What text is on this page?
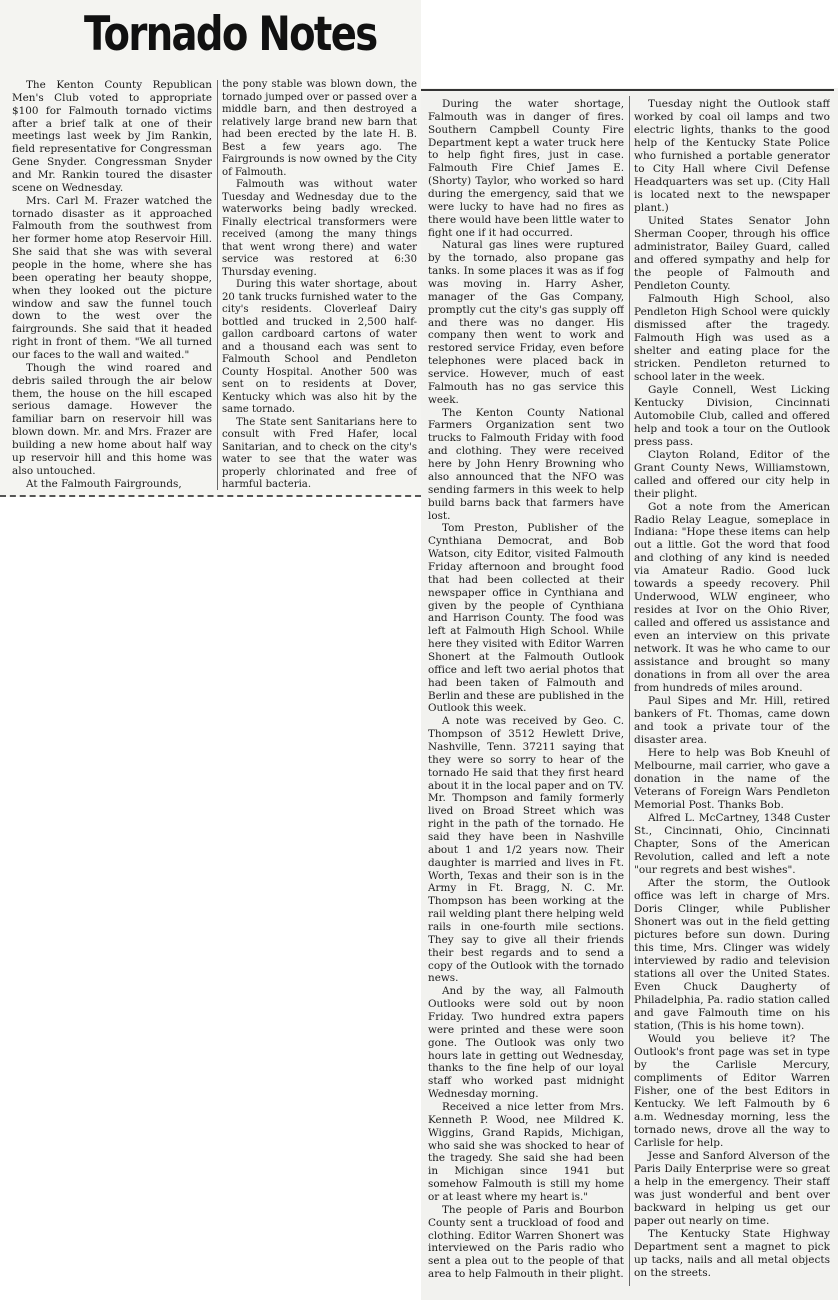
Tornado Notes

The Kenton County Republican Men's Club voted to appropriate $100 for Falmouth tornado victims after a brief talk at one of their meetings last week by Jim Rankin, field representative for Congressman Gene Snyder. Congressman Snyder and Mr. Rankin toured the disaster scene on Wednesday.

Mrs. Carl M. Frazer watched the tornado disaster as it approached Falmouth from the southwest from her former home atop Reservoir Hill. She said that she was with several people in the home, where she has been operating her beauty shoppe, when they looked out the picture window and saw the funnel touch down to the west over the fairgrounds. She said that it headed right in front of them. "We all turned our faces to the wall and waited."

Though the wind roared and debris sailed through the air below them, the house on the hill escaped serious damage. However the familiar barn on reservoir hill was blown down. Mr. and Mrs. Frazer are building a new home about half way up reservoir hill and this home was also untouched.

At the Falmouth Fairgrounds,

the pony stable was blown down, the tornado jumped over or passed over a middle barn, and then destroyed a relatively large brand new barn that had been erected by the late H. B. Best a few years ago. The Fairgrounds is now owned by the City of Falmouth.

Falmouth was without water Tuesday and Wednesday due to the waterworks being badly wrecked. Finally electrical transformers were received (among the many things that went wrong there) and water service was restored at 6:30 Thursday evening.

During this water shortage, about 20 tank trucks furnished water to the city's residents. Cloverleaf Dairy bottled and trucked in 2,500 half-gallon cardboard cartons of water and a thousand each was sent to Falmouth School and Pendleton County Hospital. Another 500 was sent on to residents at Dover, Kentucky which was also hit by the same tornado.

The State sent Sanitarians here to consult with Fred Hafer, local Sanitarian, and to check on the city's water to see that the water was properly chlorinated and free of harmful bacteria.

During the water shortage, Falmouth was in danger of fires. Southern Campbell County Fire Department kept a water truck here to help fight fires, just in case. Falmouth Fire Chief James E. (Shorty) Taylor, who worked so hard during the emergency, said that we were lucky to have had no fires as there would have been little water to fight one if it had occurred.

Natural gas lines were ruptured by the tornado, also propane gas tanks. In some places it was as if fog was moving in. Harry Asher, manager of the Gas Company, promptly cut the city's gas supply off and there was no danger. His company then went to work and restored service Friday, even before telephones were placed back in service. However, much of east Falmouth has no gas service this week.

The Kenton County National Farmers Organization sent two trucks to Falmouth Friday with food and clothing. They were received here by John Henry Browning who also announced that the NFO was sending farmers in this week to help build barns back that farmers have lost.

Tom Preston, Publisher of the Cynthiana Democrat, and Bob Watson, city Editor, visited Falmouth Friday afternoon and brought food that had been collected at their newspaper office in Cynthiana and given by the people of Cynthiana and Harrison County. The food was left at Falmouth High School. While here they visited with Editor Warren Shonert at the Falmouth Outlook office and left two aerial photos that had been taken of Falmouth and Berlin and these are published in the Outlook this week.

A note was received by Geo. C. Thompson of 3512 Hewlett Drive, Nashville, Tenn. 37211 saying that they were so sorry to hear of the tornado He said that they first heard about it in the local paper and on TV. Mr. Thompson and family formerly lived on Broad Street which was right in the path of the tornado. He said they have been in Nashville about 1 and 1/2 years now. Their daughter is married and lives in Ft. Worth, Texas and their son is in the Army in Ft. Bragg, N. C. Mr. Thompson has been working at the rail welding plant there helping weld rails in one-fourth mile sections. They say to give all their friends their best regards and to send a copy of the Outlook with the tornado news.

And by the way, all Falmouth Outlooks were sold out by noon Friday. Two hundred extra papers were printed and these were soon gone. The Outlook was only two hours late in getting out Wednesday, thanks to the fine help of our loyal staff who worked past midnight Wednesday morning.

Received a nice letter from Mrs. Kenneth P. Wood, nee Mildred K. Wiggins, Grand Rapids, Michigan, who said she was shocked to hear of the tragedy. She said she had been in Michigan since 1941 but somehow Falmouth is still my home or at least where my heart is."

The people of Paris and Bourbon County sent a truckload of food and clothing. Editor Warren Shonert was interviewed on the Paris radio who sent a plea out to the people of that area to help Falmouth in their plight.

Tuesday night the Outlook staff worked by coal oil lamps and two electric lights, thanks to the good help of the Kentucky State Police who furnished a portable generator to City Hall where Civil Defense Headquarters was set up. (City Hall is located next to the newspaper plant.)

United States Senator John Sherman Cooper, through his office administrator, Bailey Guard, called and offered sympathy and help for the people of Falmouth and Pendleton County.

Falmouth High School, also Pendleton High School were quickly dismissed after the tragedy. Falmouth High was used as a shelter and eating place for the stricken. Pendleton returned to school later in the week.

Gayle Connell, West Licking Kentucky Division, Cincinnati Automobile Club, called and offered help and took a tour on the Outlook press pass.

Clayton Roland, Editor of the Grant County News, Williamstown, called and offered our city help in their plight.

Got a note from the American Radio Relay League, someplace in Indiana: "Hope these items can help out a little. Got the word that food and clothing of any kind is needed via Amateur Radio. Good luck towards a speedy recovery. Phil Underwood, WLW engineer, who resides at Ivor on the Ohio River, called and offered us assistance and even an interview on this private network. It was he who came to our assistance and brought so many donations in from all over the area from hundreds of miles around.

Paul Sipes and Mr. Hill, retired bankers of Ft. Thomas, came down and took a private tour of the disaster area.

Here to help was Bob Kneuhl of Melbourne, mail carrier, who gave a donation in the name of the Veterans of Foreign Wars Pendleton Memorial Post. Thanks Bob.

Alfred L. McCartney, 1348 Custer St., Cincinnati, Ohio, Cincinnati Chapter, Sons of the American Revolution, called and left a note "our regrets and best wishes".

After the storm, the Outlook office was left in charge of Mrs. Doris Clinger, while Publisher Shonert was out in the field getting pictures before sun down. During this time, Mrs. Clinger was widely interviewed by radio and television stations all over the United States. Even Chuck Daugherty of Philadelphia, Pa. radio station called and gave Falmouth time on his station, (This is his home town).

Would you believe it? The Outlook's front page was set in type by the Carlisle Mercury, compliments of Editor Warren Fisher, one of the best Editors in Kentucky. We left Falmouth by 6 a.m. Wednesday morning, less the tornado news, drove all the way to Carlisle for help.

Jesse and Sanford Alverson of the Paris Daily Enterprise were so great a help in the emergency. Their staff was just wonderful and bent over backward in helping us get our paper out nearly on time.

The Kentucky State Highway Department sent a magnet to pick up tacks, nails and all metal objects on the streets.
